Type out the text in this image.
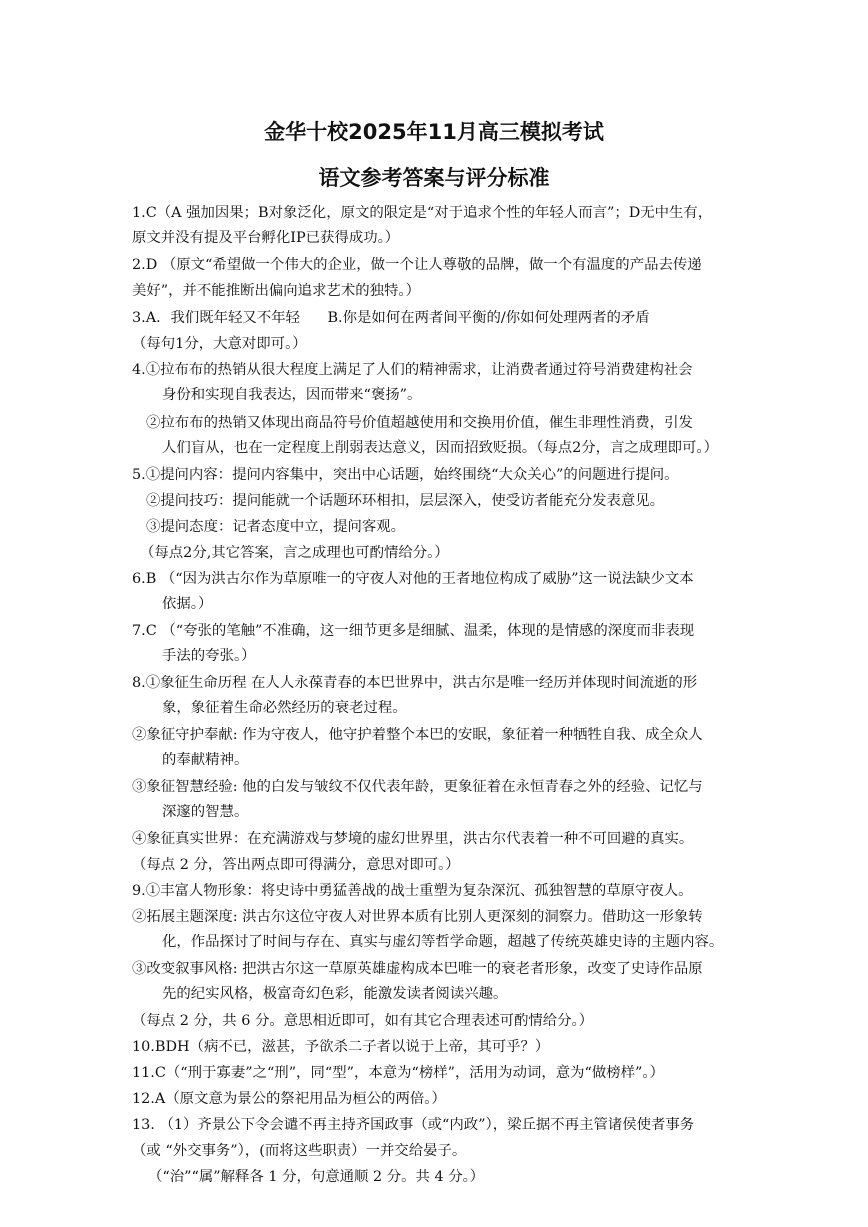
金华十校2025年11月高三模拟考试
语文参考答案与评分标准
1.C（A 强加因果；B对象泛化，原文的限定是“对于追求个性的年轻人而言”；D无中生有，
原文并没有提及平台孵化IP已获得成功。）
2.D （原文“希望做一个伟大的企业，做一个让人尊敬的品牌，做一个有温度的产品去传递
美好”，并不能推断出偏向追求艺术的独特。）
3.A．我们既年轻又不年轻      B.你是如何在两者间平衡的/你如何处理两者的矛盾
（每句1分，大意对即可。）
4.①拉布布的热销从很大程度上满足了人们的精神需求，让消费者通过符号消费建构社会
身份和实现自我表达，因而带来“褒扬”。
②拉布布的热销又体现出商品符号价值超越使用和交换用价值，催生非理性消费，引发
人们盲从，也在一定程度上削弱表达意义，因而招致贬损。（每点2分，言之成理即可。）
5.①提问内容：提问内容集中，突出中心话题，始终围绕“大众关心”的问题进行提问。
②提问技巧：提问能就一个话题环环相扣，层层深入，使受访者能充分发表意见。
③提问态度：记者态度中立，提问客观。
（每点2分,其它答案，言之成理也可酌情给分。）
6.B （“因为洪古尔作为草原唯一的守夜人对他的王者地位构成了威胁”这一说法缺少文本
依据。）
7.C （“夸张的笔触”不准确，这一细节更多是细腻、温柔，体现的是情感的深度而非表现
手法的夸张。）
8.①象征生命历程 在人人永葆青春的本巴世界中，洪古尔是唯一经历并体现时间流逝的形
象，象征着生命必然经历的衰老过程。
②象征守护奉献: 作为守夜人，他守护着整个本巴的安眠，象征着一种牺牲自我、成全众人
的奉献精神。
③象征智慧经验: 他的白发与皱纹不仅代表年龄，更象征着在永恒青春之外的经验、记忆与
深邃的智慧。
④象征真实世界：在充满游戏与梦境的虚幻世界里，洪古尔代表着一种不可回避的真实。
（每点 2 分，答出两点即可得满分，意思对即可。）
9.①丰富人物形象：将史诗中勇猛善战的战士重塑为复杂深沉、孤独智慧的草原守夜人。
②拓展主题深度: 洪古尔这位守夜人对世界本质有比别人更深刻的洞察力。借助这一形象转
化，作品探讨了时间与存在、真实与虚幻等哲学命题，超越了传统英雄史诗的主题内容。
③改变叙事风格: 把洪古尔这一草原英雄虚构成本巴唯一的衰老者形象，改变了史诗作品原
先的纪实风格，极富奇幻色彩，能激发读者阅读兴趣。
（每点 2 分，共 6 分。意思相近即可，如有其它合理表述可酌情给分。）
10.BDH（病不已，滋甚，予欲杀二子者以说于上帝，其可乎？）
11.C（“刑于寡妻”之“刑”，同“型”，本意为“榜样”，活用为动词，意为“做榜样”。）
12.A（原文意为景公的祭祀用品为桓公的两倍。）
13. （1）齐景公下令会谴不再主持齐国政事（或“内政”），梁丘据不再主管诸侯使者事务
（或 “外交事务”），(而将这些职责）一并交给晏子。
（“治”“属”解释各 1 分，句意通顺 2 分。共 4 分。）
